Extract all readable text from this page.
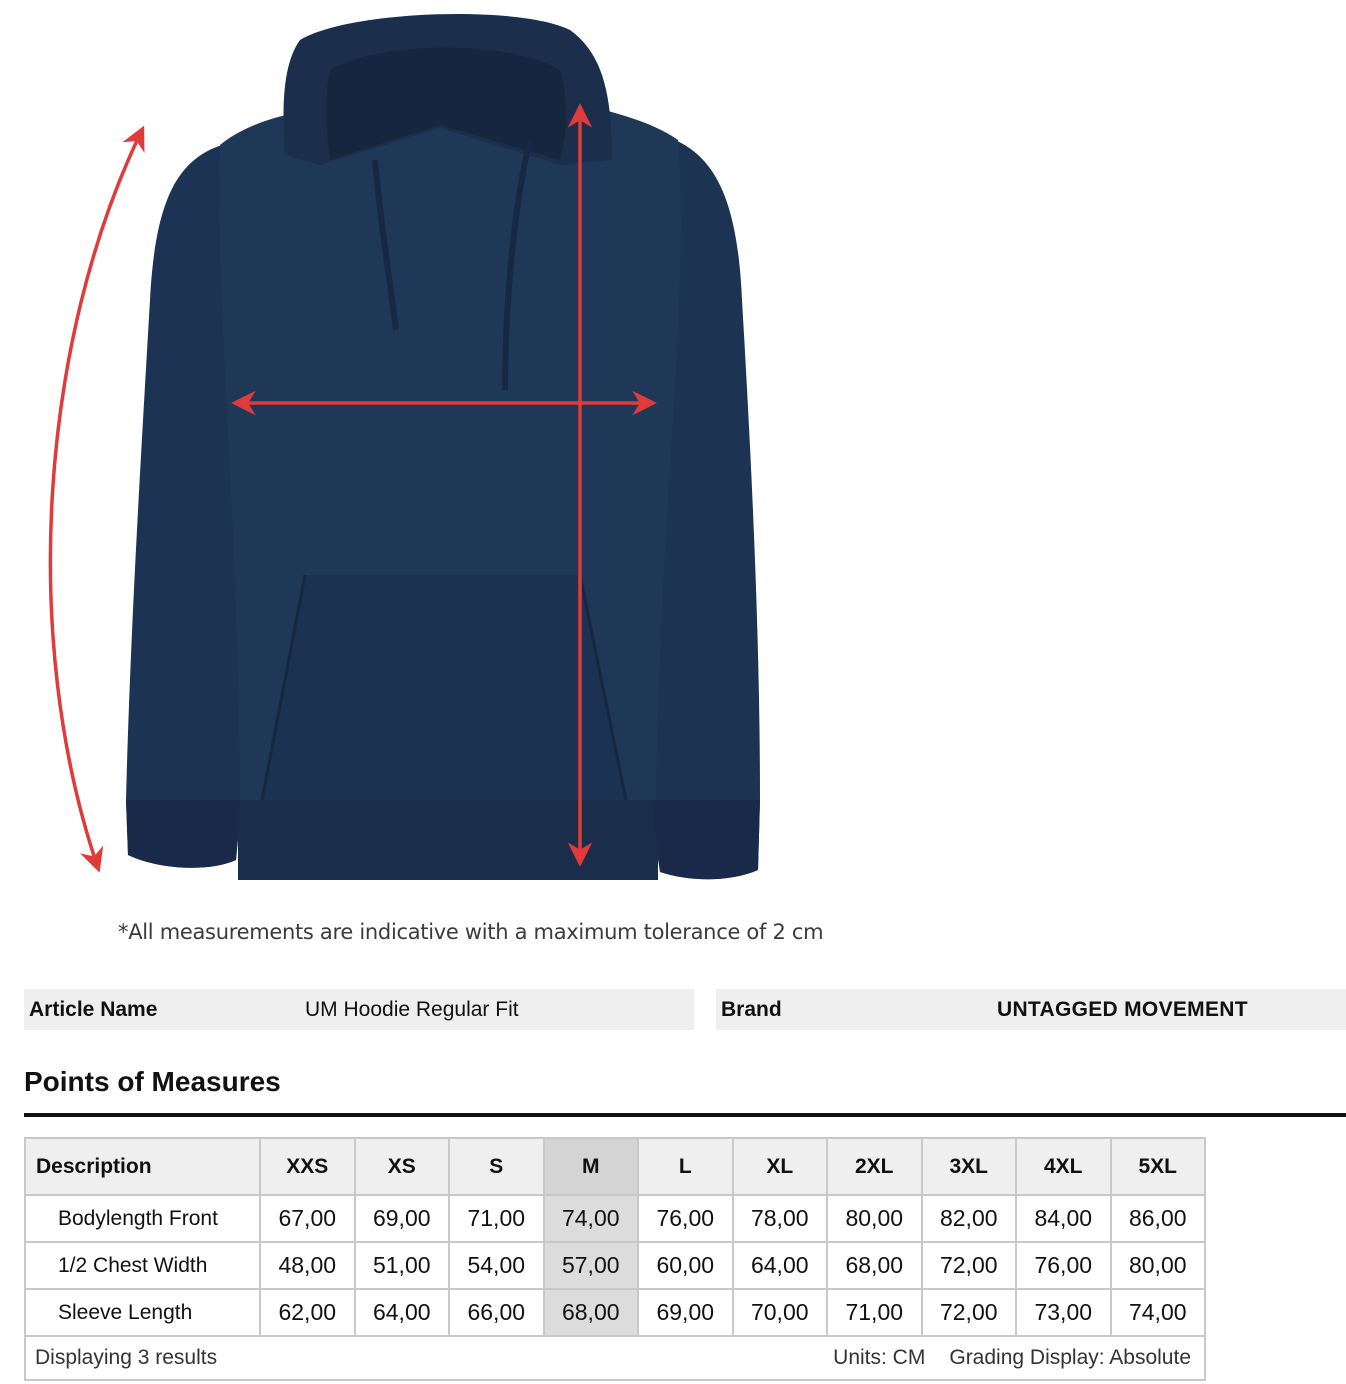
*All measurements are indicative with a maximum tolerance of 2 cm
Article Name	UM Hoodie Regular Fit	Brand	UNTAGGED MOVEMENT
Points of Measures
Description	XXS	XS	S	M	L	XL	2XL	3XL	4XL	5XL
Bodylength Front	67,00	69,00	71,00	74,00	76,00	78,00	80,00	82,00	84,00	86,00
1/2 Chest Width	48,00	51,00	54,00	57,00	60,00	64,00	68,00	72,00	76,00	80,00
Sleeve Length	62,00	64,00	66,00	68,00	69,00	70,00	71,00	72,00	73,00	74,00

Displaying 3 results Units: CM Grading Display: Absolute										
